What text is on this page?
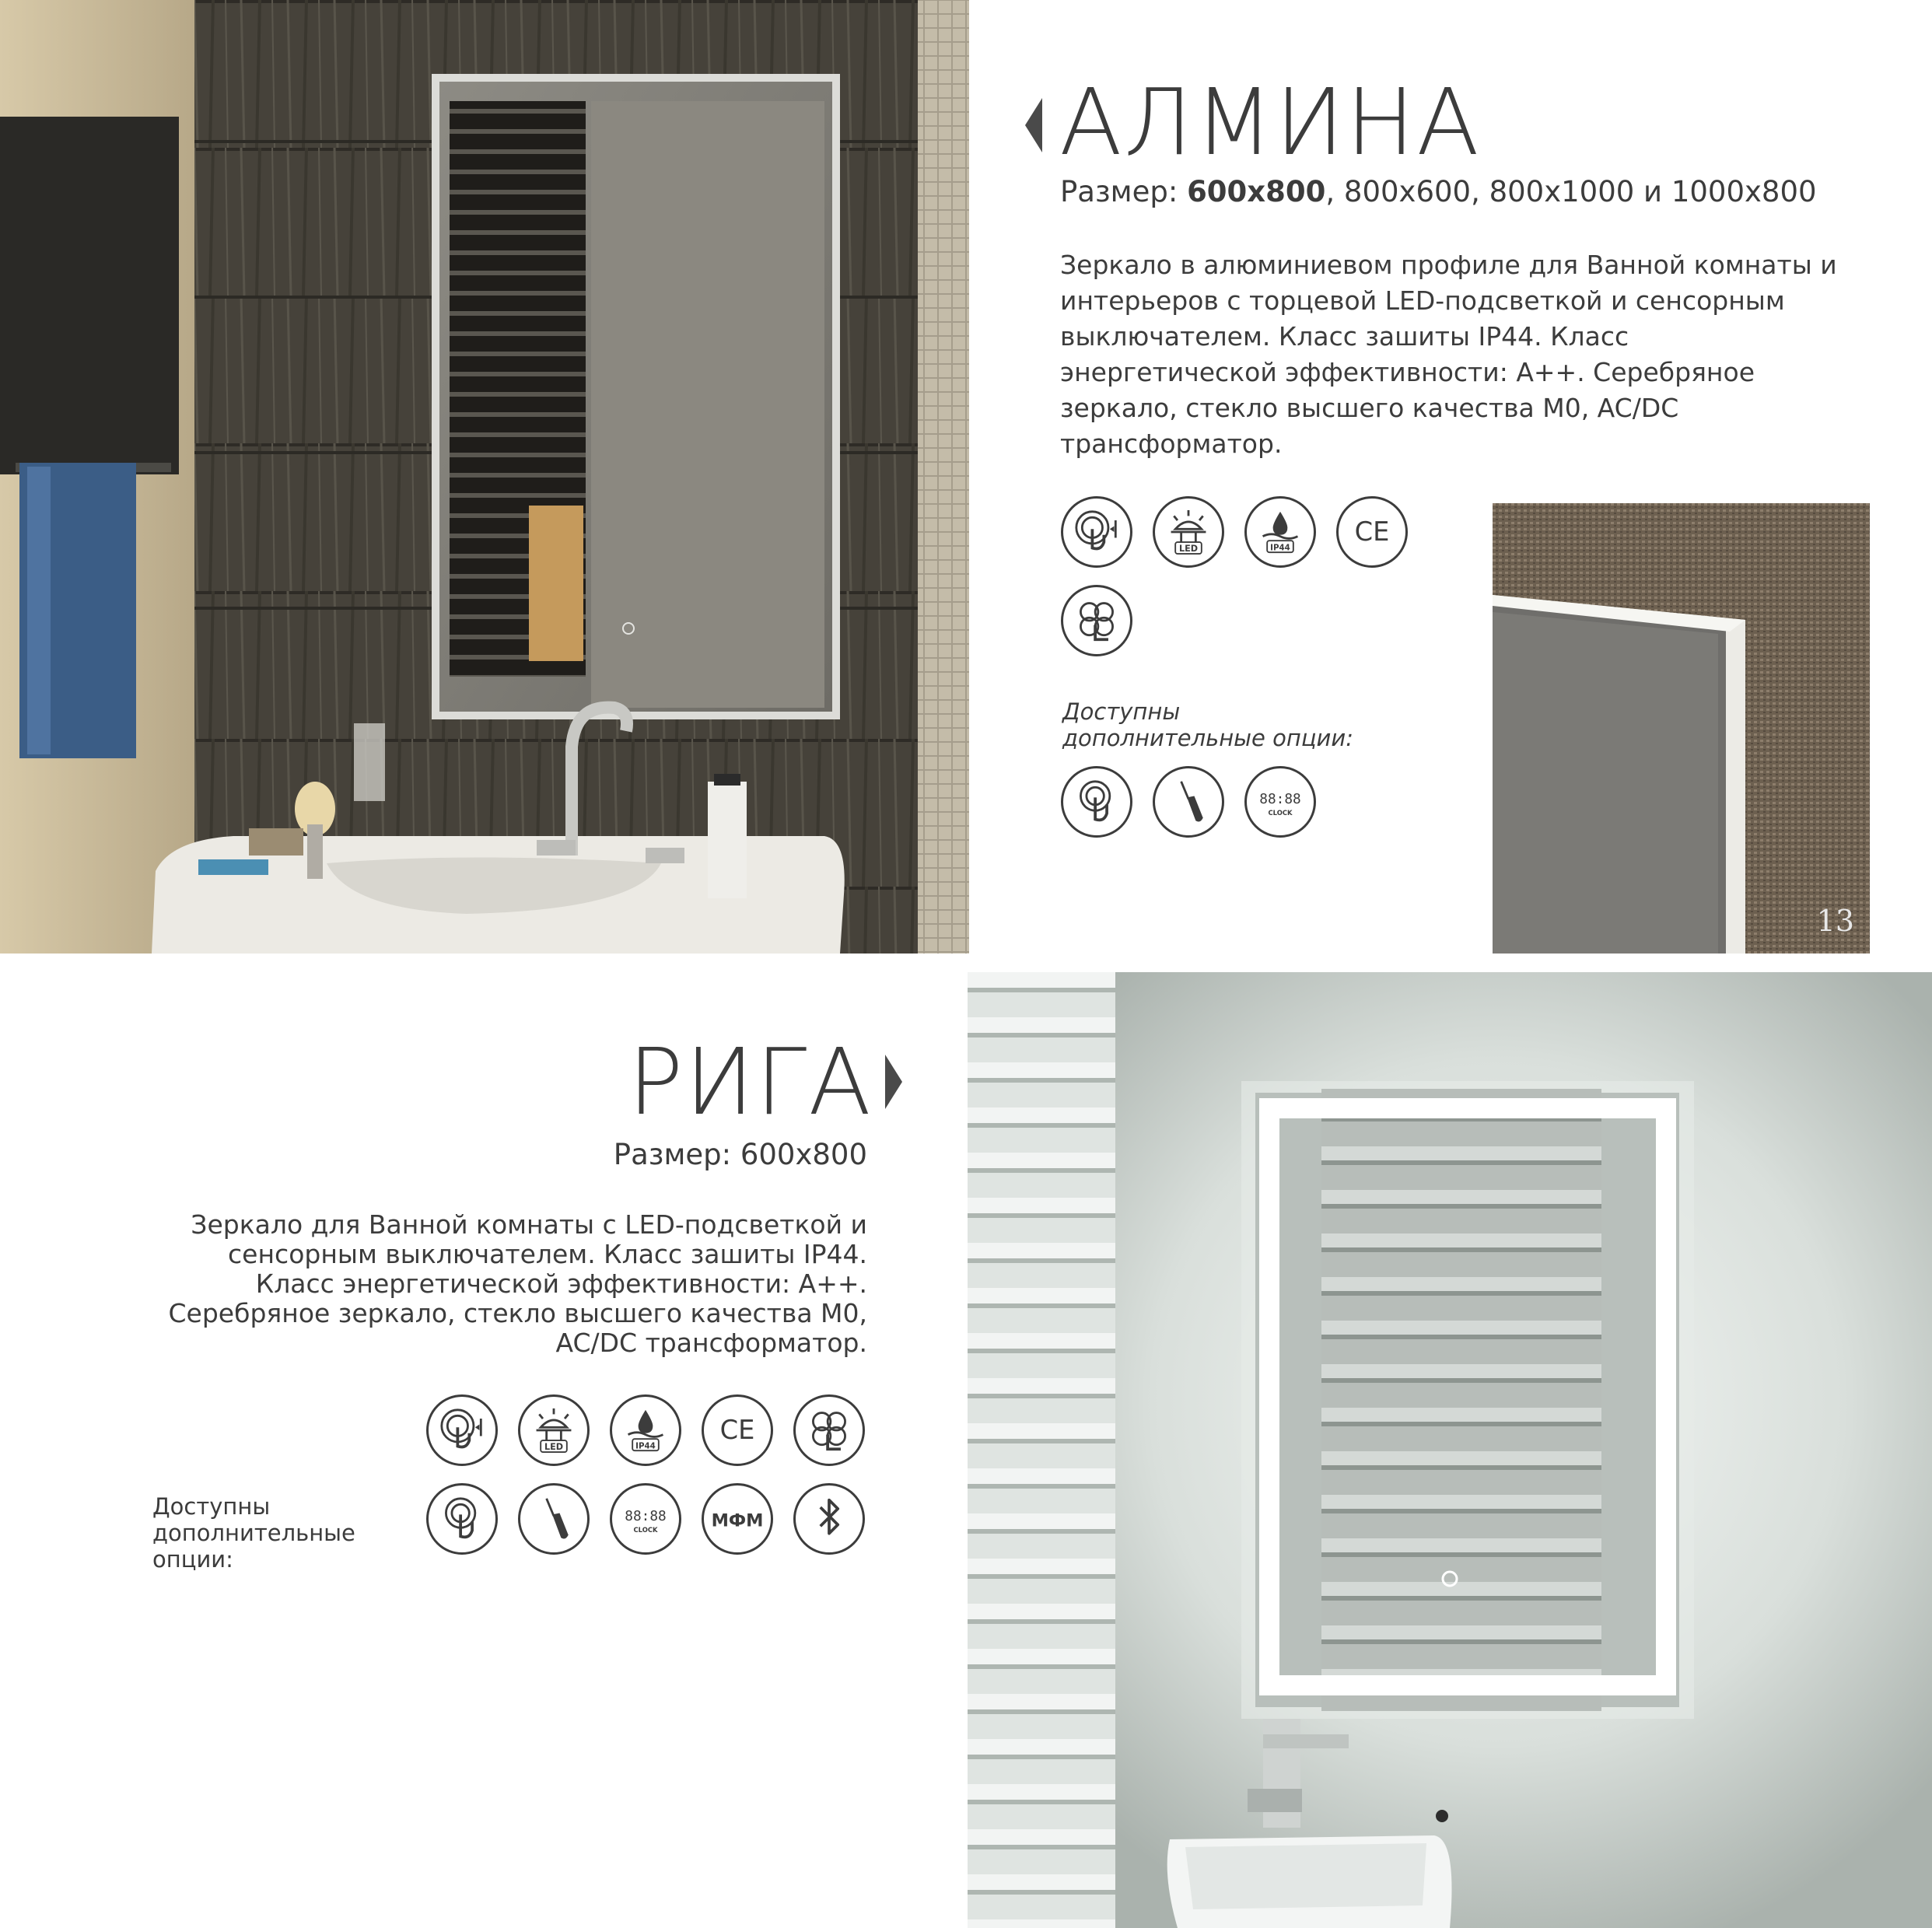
АЛМИНА
Размер: 600х800, 800х600, 800х1000 и 1000х800

Зеркало в алюминиевом профиле для Ванной комнаты и интерьеров с торцевой LED-подсветкой и сенсорным выключателем. Класс зашиты IP44. Класс энергетической эффективности: А++. Серебряное зеркало, стекло высшего качества М0, AC/DC трансформатор.

LED	IP44
CE

Доступны дополнительные опции:

88:88
CLOCK
13
РИГА
Размер: 600х800

Зеркало для Ванной комнаты с LED-подсветкой и сенсорным выключателем. Класс зашиты IP44. Класс энергетической эффективности: А++. Серебряное зеркало, стекло высшего качества М0, AC/DC трансформатор.

LED	IP44
CE

Доступны дополнительные опции:

88:88
CLOCK	МФМ
